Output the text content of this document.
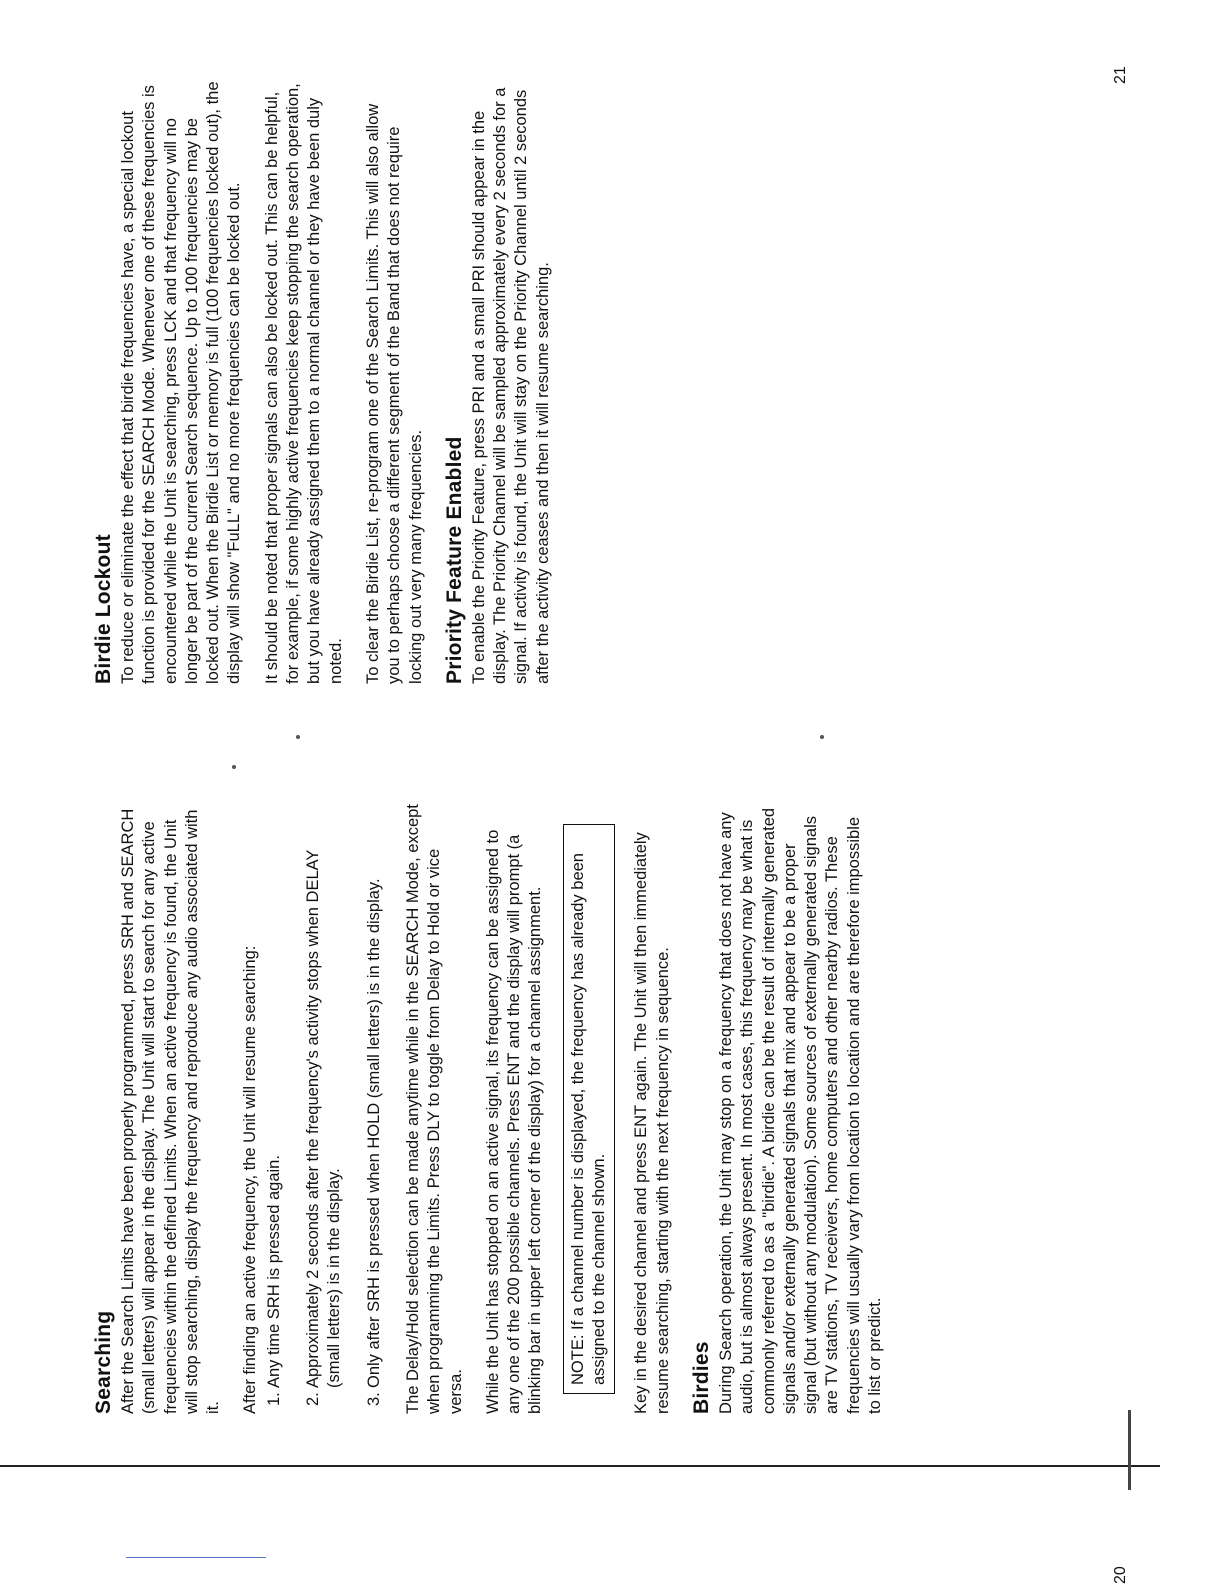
Searching After the Search Limits have been properly programmed, press SRH and SEARCH (small letters) will appear in the display. The Unit will start to search for any active frequencies within the defined Limits. When an active frequency is found, the Unit will stop searching, display the frequency and reproduce any audio associated with it. After finding an active frequency, the Unit will resume searching: 1.
Any time SRH is pressed again.
2.
Approximately 2 seconds after the frequency's activity stops when DELAY (small letters) is in the display.
3.
Only after SRH is pressed when HOLD (small letters) is in the display. The Delay/Hold selection can be made anytime while in the SEARCH Mode, except when programming the Limits. Press DLY to toggle from Delay to Hold or vice versa. While the Unit has stopped on an active signal, its frequency can be assigned to any one of the 200 possible channels. Press ENT and the display will prompt (a blinking bar in upper left corner of the display) for a channel assignment.	NOTE: If a channel number is displayed, the frequency has already been assigned to the channel shown.	Key in the desired channel and press ENT again. The Unit will then immediately resume searching, starting with the next frequency in sequence. Birdies During Search operation, the Unit may stop on a frequency that does not have any audio, but is almost always present. In most cases, this frequency may be what is commonly referred to as a "birdie". A birdie can be the result of internally generated signals and/or externally generated signals that mix and appear to be a proper signal (but without any modulation). Some sources of externally generated signals are TV stations, TV receivers, home computers and other nearby radios. These frequencies will usually vary from location to location and are therefore impossible to list or predict.

Birdie Lockout To reduce or eliminate the effect that birdie frequencies have, a special lockout function is provided for the SEARCH Mode. Whenever one of these frequencies is encountered while the Unit is searching, press LCK and that frequency will no longer be part of the current Search sequence. Up to 100 frequencies may be locked out. When the Birdie List or memory is full (100 frequencies locked out), the display will show "FuLL" and no more frequencies can be locked out. It should be noted that proper signals can also be locked out. This can be helpful, for example, if some highly active frequencies keep stopping the search operation, but you have already assigned them to a normal channel or they have been duly noted. To clear the Birdie List, re-program one of the Search Limits. This will also allow you to perhaps choose a different segment of the Band that does not require locking out very many frequencies. Priority Feature Enabled To enable the Priority Feature, press PRI and a small PRI should appear in the display. The Priority Channel will be sampled approximately every 2 seconds for a signal. If activity is found, the Unit will stay on the Priority Channel until 2 seconds after the activity ceases and then it will resume searching.

20
21
